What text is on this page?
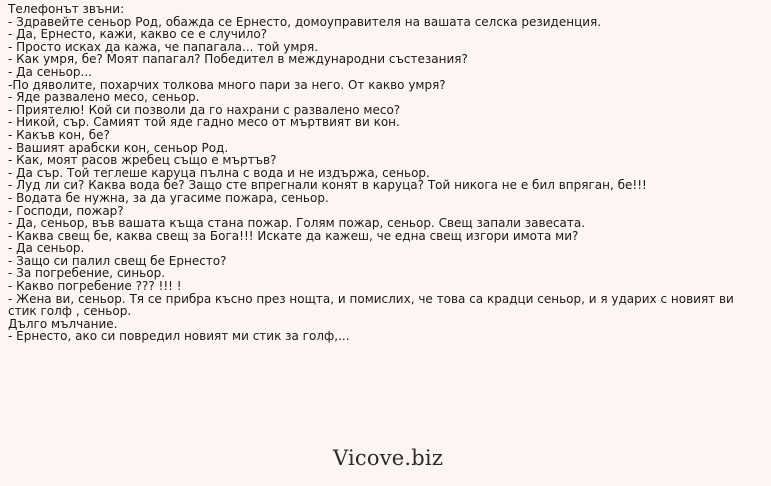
Телефонът звъни:
- Здравейте сеньор Род, обажда се Ернесто, домоуправителя на вашата селска резиденция.
- Да, Ернесто, кажи, какво се е случило?
- Просто исках да кажа, че папагала... той умря.
- Как умря, бе? Моят папагал? Победител в международни състезания?
- Да сеньор...
-По дяволите, похарчих толкова много пари за него. От какво умря?
- Яде развалено месо, сеньор.
- Приятелю! Кой си позволи да го нахрани с развалено месо?
- Никой, сър. Самият той яде гадно месо от мъртвият ви кон.
- Какъв кон, бе?
- Вашият арабски кон, сеньор Род.
- Как, моят расов жребец също е мъртъв?
- Да сър. Той теглеше каруца пълна с вода и не издържа, сеньор.
- Луд ли си? Каква вода бе? Защо сте впрегнали конят в каруца? Той никога не е бил впряган, бе!!!
- Водата бе нужна, за да угасиме пожара, сеньор.
- Господи, пожар?
- Да, сеньор, във вашата къща стана пожар. Голям пожар, сеньор. Свещ запали завесата.
- Каква свещ бе, каква свещ за Бога!!! Искате да кажеш, че една свещ изгори имота ми?
- Да сеньор.
- Защо си палил свещ бе Ернесто?
- За погребение, синьор.
- Какво погребение ??? !!! !
- Жена ви, сеньор. Тя се прибра късно през нощта, и помислих, че това са крадци сеньор, и я ударих с новият ви стик голф , сеньор.
Дълго мълчание.
- Ернесто, ако си повредил новият ми стик за голф,...
Vicove.biz
